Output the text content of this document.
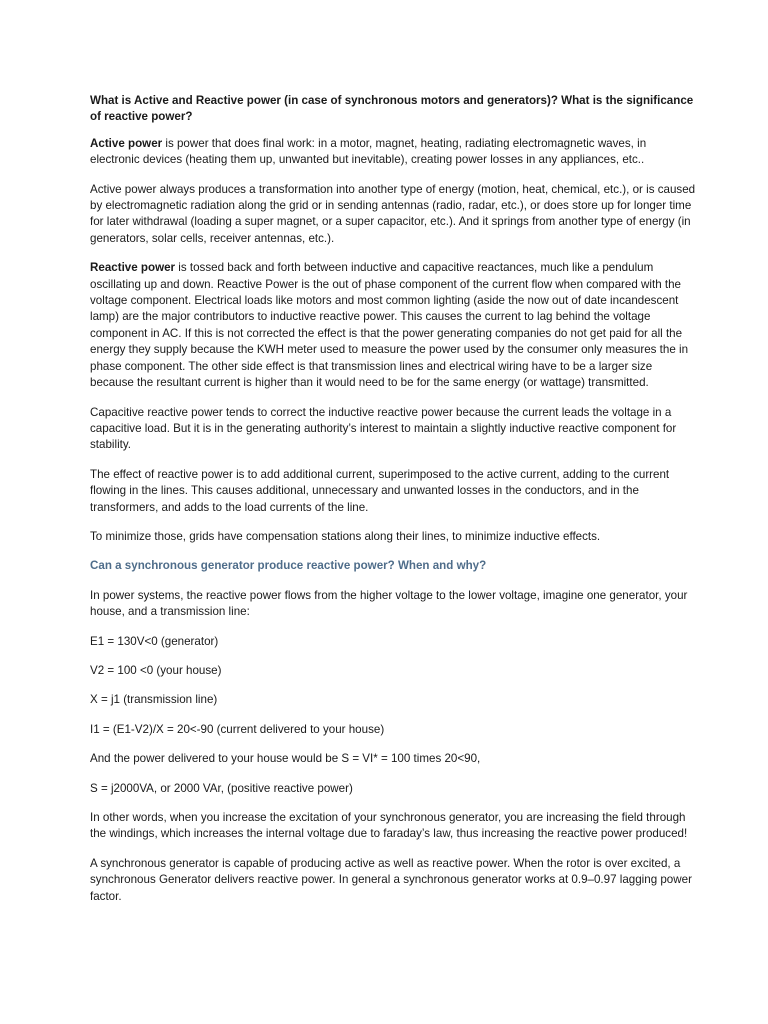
What is Active and Reactive power (in case of synchronous motors and generators)? What is the significance of reactive power?

Active power is power that does final work: in a motor, magnet, heating, radiating electromagnetic waves, in electronic devices (heating them up, unwanted but inevitable), creating power losses in any appliances, etc..

Active power always produces a transformation into another type of energy (motion, heat, chemical, etc.), or is caused by electromagnetic radiation along the grid or in sending antennas (radio, radar, etc.), or does store up for longer time for later withdrawal (loading a super magnet, or a super capacitor, etc.). And it springs from another type of energy (in generators, solar cells, receiver antennas, etc.).

Reactive power is tossed back and forth between inductive and capacitive reactances, much like a pendulum oscillating up and down. Reactive Power is the out of phase component of the current flow when compared with the voltage component. Electrical loads like motors and most common lighting (aside the now out of date incandescent lamp) are the major contributors to inductive reactive power. This causes the current to lag behind the voltage component in AC. If this is not corrected the effect is that the power generating companies do not get paid for all the energy they supply because the KWH meter used to measure the power used by the consumer only measures the in phase component. The other side effect is that transmission lines and electrical wiring have to be a larger size because the resultant current is higher than it would need to be for the same energy (or wattage) transmitted.

Capacitive reactive power tends to correct the inductive reactive power because the current leads the voltage in a capacitive load. But it is in the generating authority’s interest to maintain a slightly inductive reactive component for stability.

The effect of reactive power is to add additional current, superimposed to the active current, adding to the current flowing in the lines. This causes additional, unnecessary and unwanted losses in the conductors, and in the transformers, and adds to the load currents of the line.

To minimize those, grids have compensation stations along their lines, to minimize inductive effects.

Can a synchronous generator produce reactive power? When and why?

In power systems, the reactive power flows from the higher voltage to the lower voltage, imagine one generator, your house, and a transmission line:

E1 = 130V<0 (generator)

V2 = 100 <0 (your house)

X = j1 (transmission line)

I1 = (E1-V2)/X = 20<-90 (current delivered to your house)

And the power delivered to your house would be S = VI* = 100 times 20<90,

S = j2000VA, or 2000 VAr, (positive reactive power)

In other words, when you increase the excitation of your synchronous generator, you are increasing the field through the windings, which increases the internal voltage due to faraday’s law, thus increasing the reactive power produced!

A synchronous generator is capable of producing active as well as reactive power. When the rotor is over excited, a synchronous Generator delivers reactive power. In general a synchronous generator works at 0.9–0.97 lagging power factor.
